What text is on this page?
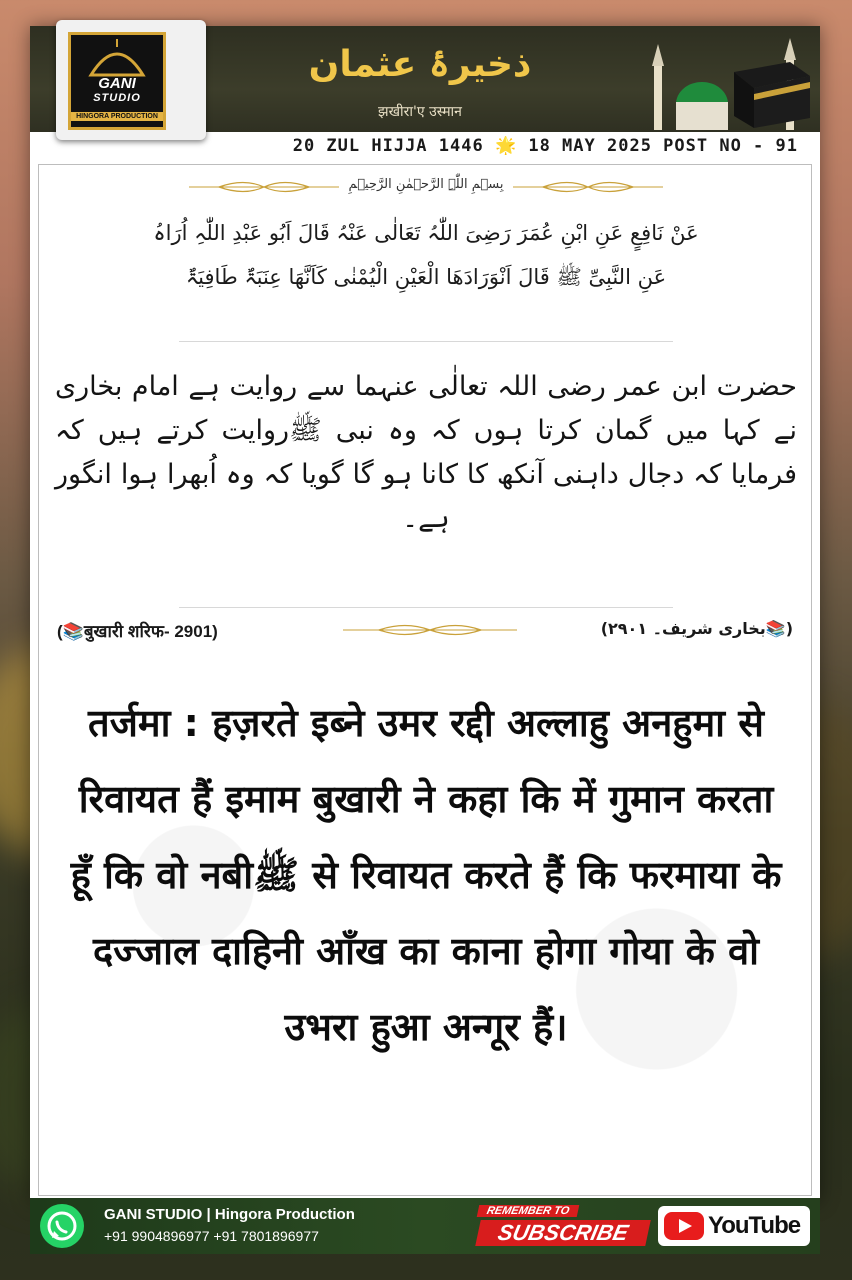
GANI
STUDIO
HINGORA PRODUCTION
ذخیرۂ عثمان
झखीरा'ए उस्मान
20 ZUL HIJJA 1446 🌟 18 MAY 2025 POST NO - 91
بِسۡمِ اللّٰہِ الرَّحۡمٰنِ الرَّحِیۡمِ
عَنْ نَافِعٍ عَنِ ابْنِ عُمَرَ رَضِیَ اللّٰہُ تَعَالٰی عَنْہُ قَالَ اَبُو عَبْدِ اللّٰہِ اُرَاہُ
عَنِ النَّبِیِّ ﷺ قَالَ اَنْوَرَادَھَا الْعَیْنِ الْیُمْنٰی کَاَنَّھَا عِنَبَۃٌ طَافِیَۃٌ
حضرت ابن عمر رضی اللہ تعالٰی عنہما سے روایت ہے امام بخاری نے کہا میں گمان کرتا ہوں کہ وہ نبی ﷺروایت کرتے ہیں کہ فرمایا کہ دجال داہنی آنکھ کا کانا ہو گا گویا کہ وہ اُبھرا ہوا انگور ہے۔
(📚बुखारी शरिफ- 2901)	(📚بخاری شریف۔ ۲۹۰۱)
तर्जमा : हज़रते इब्ने उमर रद्दी अल्लाहु अनहुमा से रिवायत हैं इमाम बुखारी ने कहा कि में गुमान करता हूँ कि वो नबीﷺ से रिवायत करते हैं कि फरमाया के दज्जाल दाहिनी आँख का काना होगा गोया के वो उभरा हुआ अन्गूर हैं।
GANI STUDIO | Hingora Production
+91 9904896977 +91 7801896977
REMEMBER TO
SUBSCRIBE	YouTube
